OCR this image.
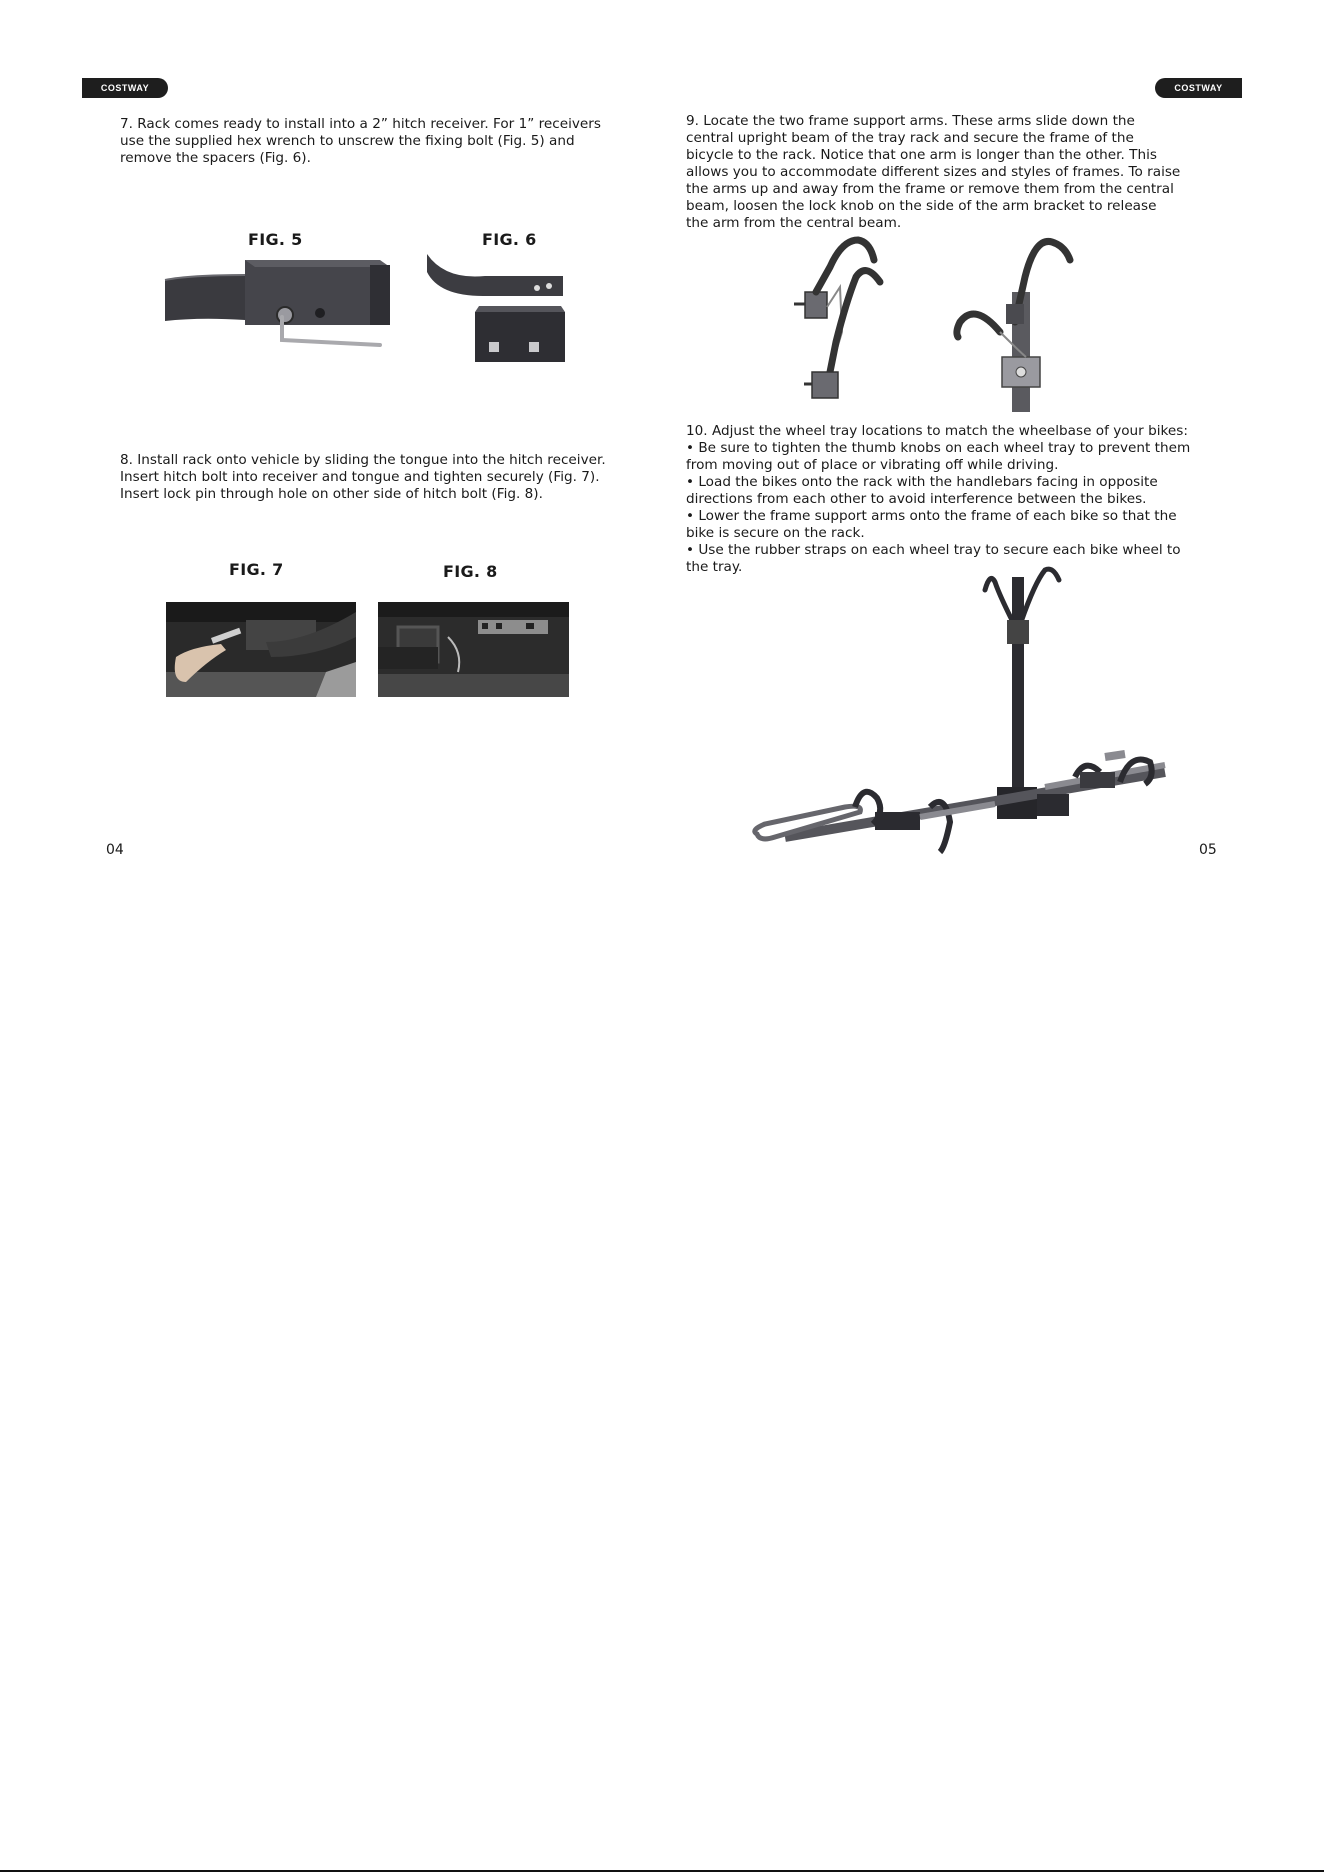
COSTWAY	COSTWAY
7. Rack comes ready to install into a 2” hitch receiver. For 1” receivers
use the supplied hex wrench to unscrew the fixing bolt (Fig. 5) and
remove the spacers (Fig. 6).
FIG. 5	FIG. 6
8. Install rack onto vehicle by sliding the tongue into the hitch receiver.
Insert hitch bolt into receiver and tongue and tighten securely (Fig. 7).
Insert lock pin through hole on other side of hitch bolt (Fig. 8).
FIG. 7	FIG. 8
04
9. Locate the two frame support arms. These arms slide down the
central upright beam of the tray rack and secure the frame of the
bicycle to the rack. Notice that one arm is longer than the other. This
allows you to accommodate different sizes and styles of frames. To raise
the arms up and away from the frame or remove them from the central
beam, loosen the lock knob on the side of the arm bracket to release
the arm from the central beam.
10. Adjust the wheel tray locations to match the wheelbase of your bikes:
• Be sure to tighten the thumb knobs on each wheel tray to prevent them
from moving out of place or vibrating off while driving.
• Load the bikes onto the rack with the handlebars facing in opposite
directions from each other to avoid interference between the bikes.
• Lower the frame support arms onto the frame of each bike so that the
bike is secure on the rack.
• Use the rubber straps on each wheel tray to secure each bike wheel to
the tray.
05
